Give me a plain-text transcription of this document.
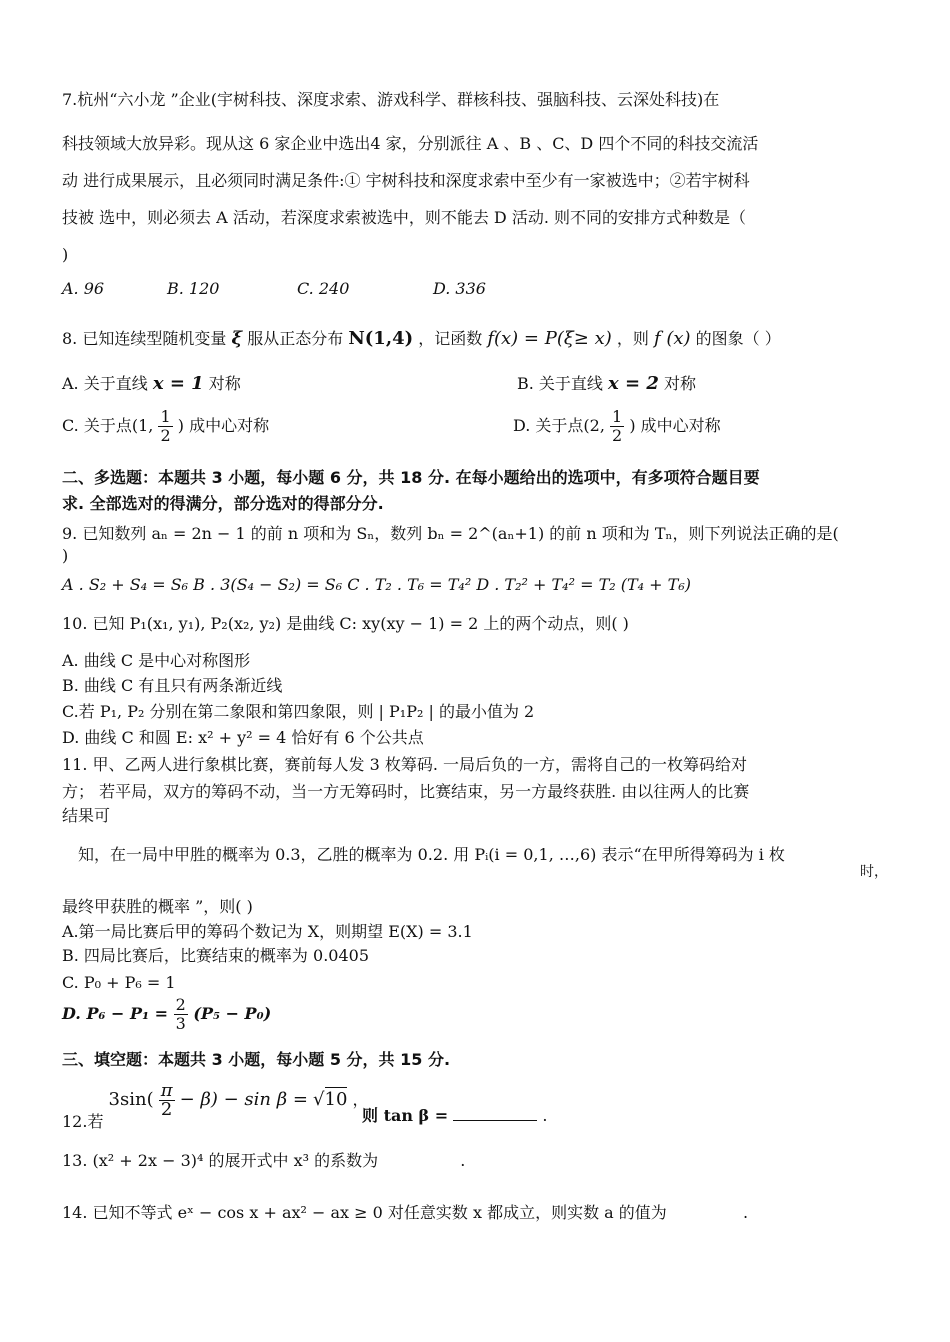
7.杭州“六小龙 ”企业(宇树科技、深度求索、游戏科学、群核科技、强脑科技、云深处科技)在
科技领域大放异彩。现从这 6 家企业中选出4 家，分别派往 A 、B 、C、D 四个不同的科技交流活
动 进行成果展示，且必须同时满足条件:① 宇树科技和深度求索中至少有一家被选中；②若宇树科
技被 选中，则必须去 A 活动，若深度求索被选中，则不能去 D 活动. 则不同的安排方式种数是（
)
A. 96	B. 120	C. 240	D. 336
8. 已知连续型随机变量 ξ 服从正态分布 N(1,4) ，记函数 f(x) = P(ξ≥ x) ，则 f (x) 的图象（ ）
A. 关于直线 x = 1 对称	B. 关于直线 x = 2 对称
C. 关于点(1, $\frac{1}{2}$ ) 成中心对称	D. 关于点(2, $\frac{1}{2}$ ) 成中心对称
二、多选题：本题共 3 小题，每小题 6 分，共 18 分. 在每小题给出的选项中，有多项符合题目要
求. 全部选对的得满分，部分选对的得部分分.
9. 已知数列 aₙ = 2n − 1 的前 n 项和为 Sₙ，数列 bₙ = 2^(aₙ+1) 的前 n 项和为 Tₙ，则下列说法正确的是(
)
A . S₂ + S₄ = S₆ B . 3(S₄ − S₂) = S₆ C . T₂ . T₆ = T₄² D . T₂² + T₄² = T₂ (T₄ + T₆)
10. 已知 P₁(x₁, y₁), P₂(x₂, y₂) 是曲线 C: xy(xy − 1) = 2 上的两个动点，则( )
A. 曲线 C 是中心对称图形
B. 曲线 C 有且只有两条渐近线
C.若 P₁, P₂ 分别在第二象限和第四象限，则 | P₁P₂ | 的最小值为 2
D. 曲线 C 和圆 E: x² + y² = 4 恰好有 6 个公共点
11. 甲、乙两人进行象棋比赛，赛前每人发 3 枚筹码. 一局后负的一方，需将自己的一枚筹码给对
方； 若平局，双方的筹码不动，当一方无筹码时，比赛结束，另一方最终获胜. 由以往两人的比赛
结果可
知，在一局中甲胜的概率为 0.3，乙胜的概率为 0.2. 用 Pᵢ(i = 0,1, …,6) 表示“在甲所得筹码为 i 枚
时，
最终甲获胜的概率 ”，则( )
A.第一局比赛后甲的筹码个数记为 X，则期望 E(X) = 3.1
B. 四局比赛后，比赛结束的概率为 0.0405
C. P₀ + P₆ = 1
D. $P_6 - P_1 = \frac{2}{3} (P_5 - P_0)$
三、填空题：本题共 3 小题，每小题 5 分，共 15 分.
12.若 $3\sin( \frac{\pi}{2} - \beta) - \sin \beta = √10$ ，
则 tan β =	.
13. (x² + 2x − 3)⁴ 的展开式中 x³ 的系数为	.
14. 已知不等式 eˣ − cos x + ax² − ax ≥ 0 对任意实数 x 都成立，则实数 a 的值为	.
